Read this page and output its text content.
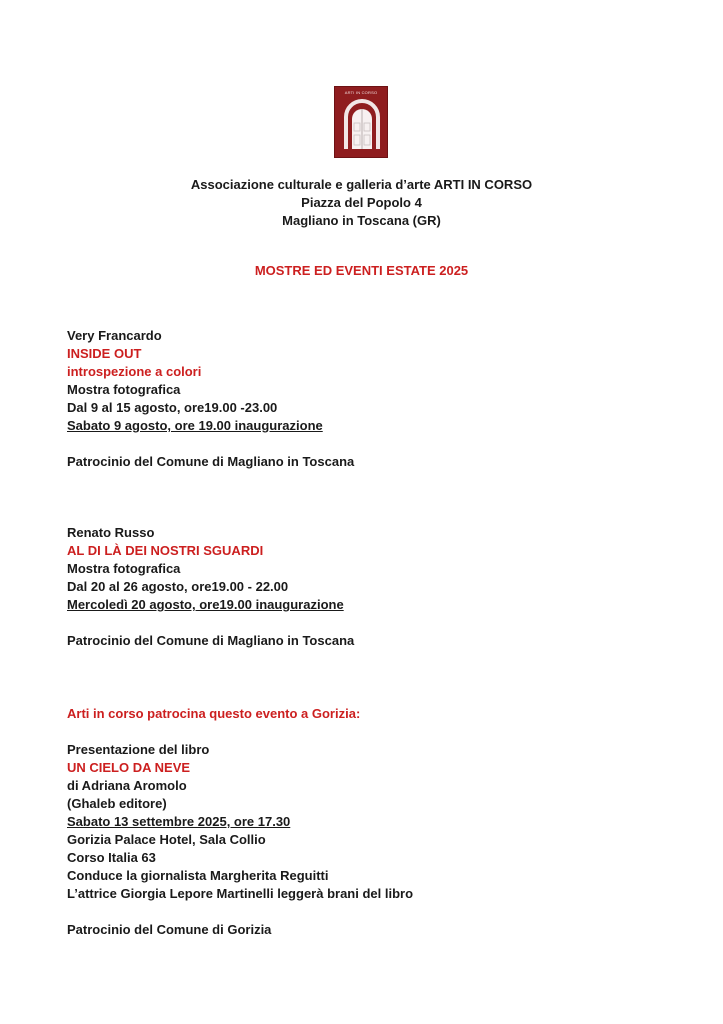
ARTI IN CORSO
Associazione culturale e galleria d’arte ARTI IN CORSO
Piazza del Popolo 4
Magliano in Toscana (GR)
MOSTRE ED EVENTI ESTATE 2025
Very Francardo
INSIDE OUT
introspezione a colori
Mostra fotografica
Dal 9 al 15 agosto, ore19.00 -23.00
Sabato 9 agosto, ore 19.00 inaugurazione
Patrocinio del Comune di Magliano in Toscana
Renato Russo
AL DI LÀ DEI NOSTRI SGUARDI
Mostra fotografica
Dal 20 al 26 agosto, ore19.00 - 22.00
Mercoledì 20 agosto, ore19.00 inaugurazione
Patrocinio del Comune di Magliano in Toscana
Arti in corso patrocina questo evento a Gorizia:
Presentazione del libro
UN CIELO DA NEVE
di Adriana Aromolo
(Ghaleb editore)
Sabato 13 settembre 2025, ore 17.30
Gorizia Palace Hotel, Sala Collio
Corso Italia 63
Conduce la giornalista Margherita Reguitti
L’attrice Giorgia Lepore Martinelli leggerà brani del libro
Patrocinio del Comune di Gorizia
